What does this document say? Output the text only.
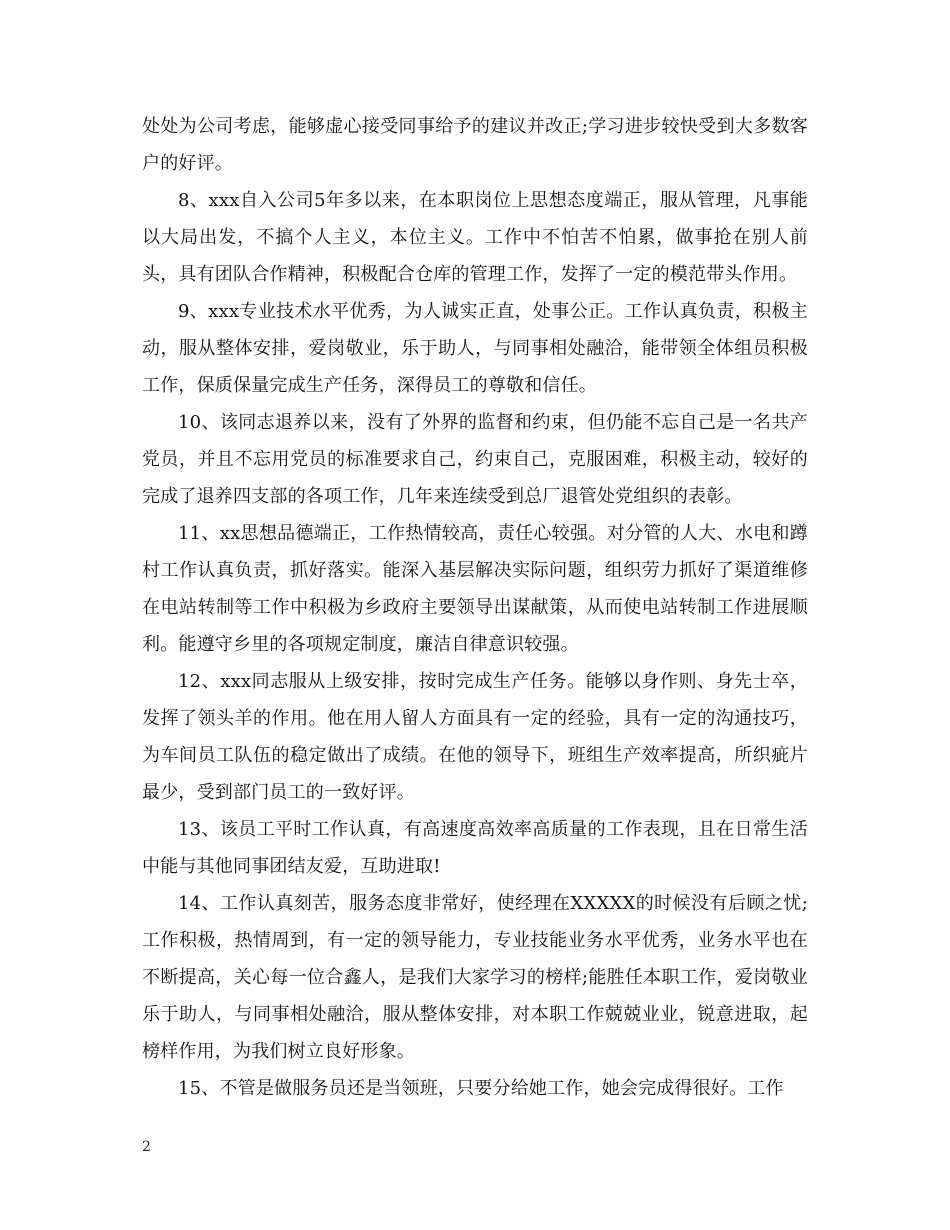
处处为公司考虑，能够虚心接受同事给予的建议并改正;学习进步较快受到大多数客户的好评。

8、xxx自入公司5年多以来，在本职岗位上思想态度端正，服从管理，凡事能以大局出发，不搞个人主义，本位主义。工作中不怕苦不怕累，做事抢在别人前头，具有团队合作精神，积极配合仓库的管理工作，发挥了一定的模范带头作用。

9、xxx专业技术水平优秀，为人诚实正直，处事公正。工作认真负责，积极主动，服从整体安排，爱岗敬业，乐于助人，与同事相处融洽，能带领全体组员积极工作，保质保量完成生产任务，深得员工的尊敬和信任。

10、该同志退养以来，没有了外界的监督和约束，但仍能不忘自己是一名共产党员，并且不忘用党员的标准要求自己，约束自己，克服困难，积极主动，较好的完成了退养四支部的各项工作，几年来连续受到总厂退管处党组织的表彰。

11、xx思想品德端正，工作热情较高，责任心较强。对分管的人大、水电和蹲村工作认真负责，抓好落实。能深入基层解决实际问题，组织劳力抓好了渠道维修在电站转制等工作中积极为乡政府主要领导出谋献策，从而使电站转制工作进展顺利。能遵守乡里的各项规定制度，廉洁自律意识较强。

12、xxx同志服从上级安排，按时完成生产任务。能够以身作则、身先士卒，发挥了领头羊的作用。他在用人留人方面具有一定的经验，具有一定的沟通技巧，为车间员工队伍的稳定做出了成绩。在他的领导下，班组生产效率提高，所织疵片最少，受到部门员工的一致好评。

13、该员工平时工作认真，有高速度高效率高质量的工作表现，且在日常生活中能与其他同事团结友爱，互助进取!

14、工作认真刻苦，服务态度非常好，使经理在XXXXX的时候没有后顾之忧;工作积极，热情周到，有一定的领导能力，专业技能业务水平优秀，业务水平也在不断提高，关心每一位合鑫人，是我们大家学习的榜样;能胜任本职工作，爱岗敬业乐于助人，与同事相处融洽，服从整体安排，对本职工作兢兢业业，锐意进取，起榜样作用，为我们树立良好形象。

15、不管是做服务员还是当领班，只要分给她工作，她会完成得很好。工作

2
